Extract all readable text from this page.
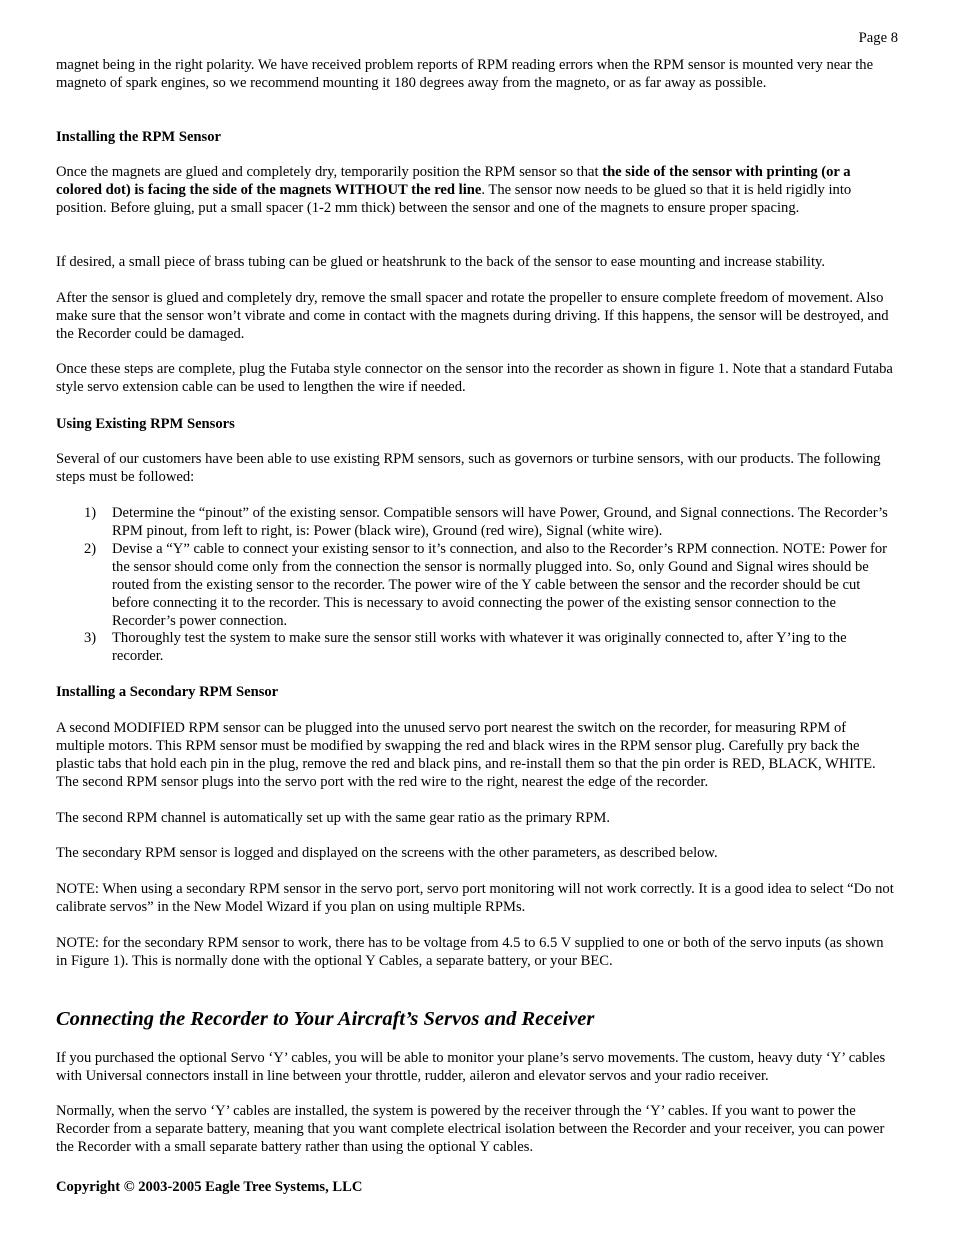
Page 8

magnet being in the right polarity. We have received problem reports of RPM reading errors when the RPM sensor is mounted very near the magneto of spark engines, so we recommend mounting it 180 degrees away from the magneto, or as far away as possible.

Installing the RPM Sensor

Once the magnets are glued and completely dry, temporarily position the RPM sensor so that the side of the sensor with printing (or a colored dot) is facing the side of the magnets WITHOUT the red line. The sensor now needs to be glued so that it is held rigidly into position. Before gluing, put a small spacer (1-2 mm thick) between the sensor and one of the magnets to ensure proper spacing.

If desired, a small piece of brass tubing can be glued or heatshrunk to the back of the sensor to ease mounting and increase stability.

After the sensor is glued and completely dry, remove the small spacer and rotate the propeller to ensure complete freedom of movement. Also make sure that the sensor won’t vibrate and come in contact with the magnets during driving. If this happens, the sensor will be destroyed, and the Recorder could be damaged.

Once these steps are complete, plug the Futaba style connector on the sensor into the recorder as shown in figure 1. Note that a standard Futaba style servo extension cable can be used to lengthen the wire if needed.

Using Existing RPM Sensors

Several of our customers have been able to use existing RPM sensors, such as governors or turbine sensors, with our products. The following steps must be followed:

1) Determine the “pinout” of the existing sensor. Compatible sensors will have Power, Ground, and Signal connections. The Recorder’s RPM pinout, from left to right, is: Power (black wire), Ground (red wire), Signal (white wire).
2) Devise a “Y” cable to connect your existing sensor to it’s connection, and also to the Recorder’s RPM connection. NOTE: Power for the sensor should come only from the connection the sensor is normally plugged into. So, only Gound and Signal wires should be routed from the existing sensor to the recorder. The power wire of the Y cable between the sensor and the recorder should be cut before connecting it to the recorder. This is necessary to avoid connecting the power of the existing sensor connection to the Recorder’s power connection.
3) Thoroughly test the system to make sure the sensor still works with whatever it was originally connected to, after Y’ing to the recorder.

Installing a Secondary RPM Sensor

A second MODIFIED RPM sensor can be plugged into the unused servo port nearest the switch on the recorder, for measuring RPM of multiple motors. This RPM sensor must be modified by swapping the red and black wires in the RPM sensor plug. Carefully pry back the plastic tabs that hold each pin in the plug, remove the red and black pins, and re-install them so that the pin order is RED, BLACK, WHITE. The second RPM sensor plugs into the servo port with the red wire to the right, nearest the edge of the recorder.

The second RPM channel is automatically set up with the same gear ratio as the primary RPM.

The secondary RPM sensor is logged and displayed on the screens with the other parameters, as described below.

NOTE: When using a secondary RPM sensor in the servo port, servo port monitoring will not work correctly. It is a good idea to select “Do not calibrate servos” in the New Model Wizard if you plan on using multiple RPMs.

NOTE: for the secondary RPM sensor to work, there has to be voltage from 4.5 to 6.5 V supplied to one or both of the servo inputs (as shown in Figure 1). This is normally done with the optional Y Cables, a separate battery, or your BEC.

Connecting the Recorder to Your Aircraft’s Servos and Receiver

If you purchased the optional Servo ‘Y’ cables, you will be able to monitor your plane’s servo movements. The custom, heavy duty ‘Y’ cables with Universal connectors install in line between your throttle, rudder, aileron and elevator servos and your radio receiver.

Normally, when the servo ‘Y’ cables are installed, the system is powered by the receiver through the ‘Y’ cables. If you want to power the Recorder from a separate battery, meaning that you want complete electrical isolation between the Recorder and your receiver, you can power the Recorder with a small separate battery rather than using the optional Y cables.

Copyright © 2003-2005 Eagle Tree Systems, LLC
